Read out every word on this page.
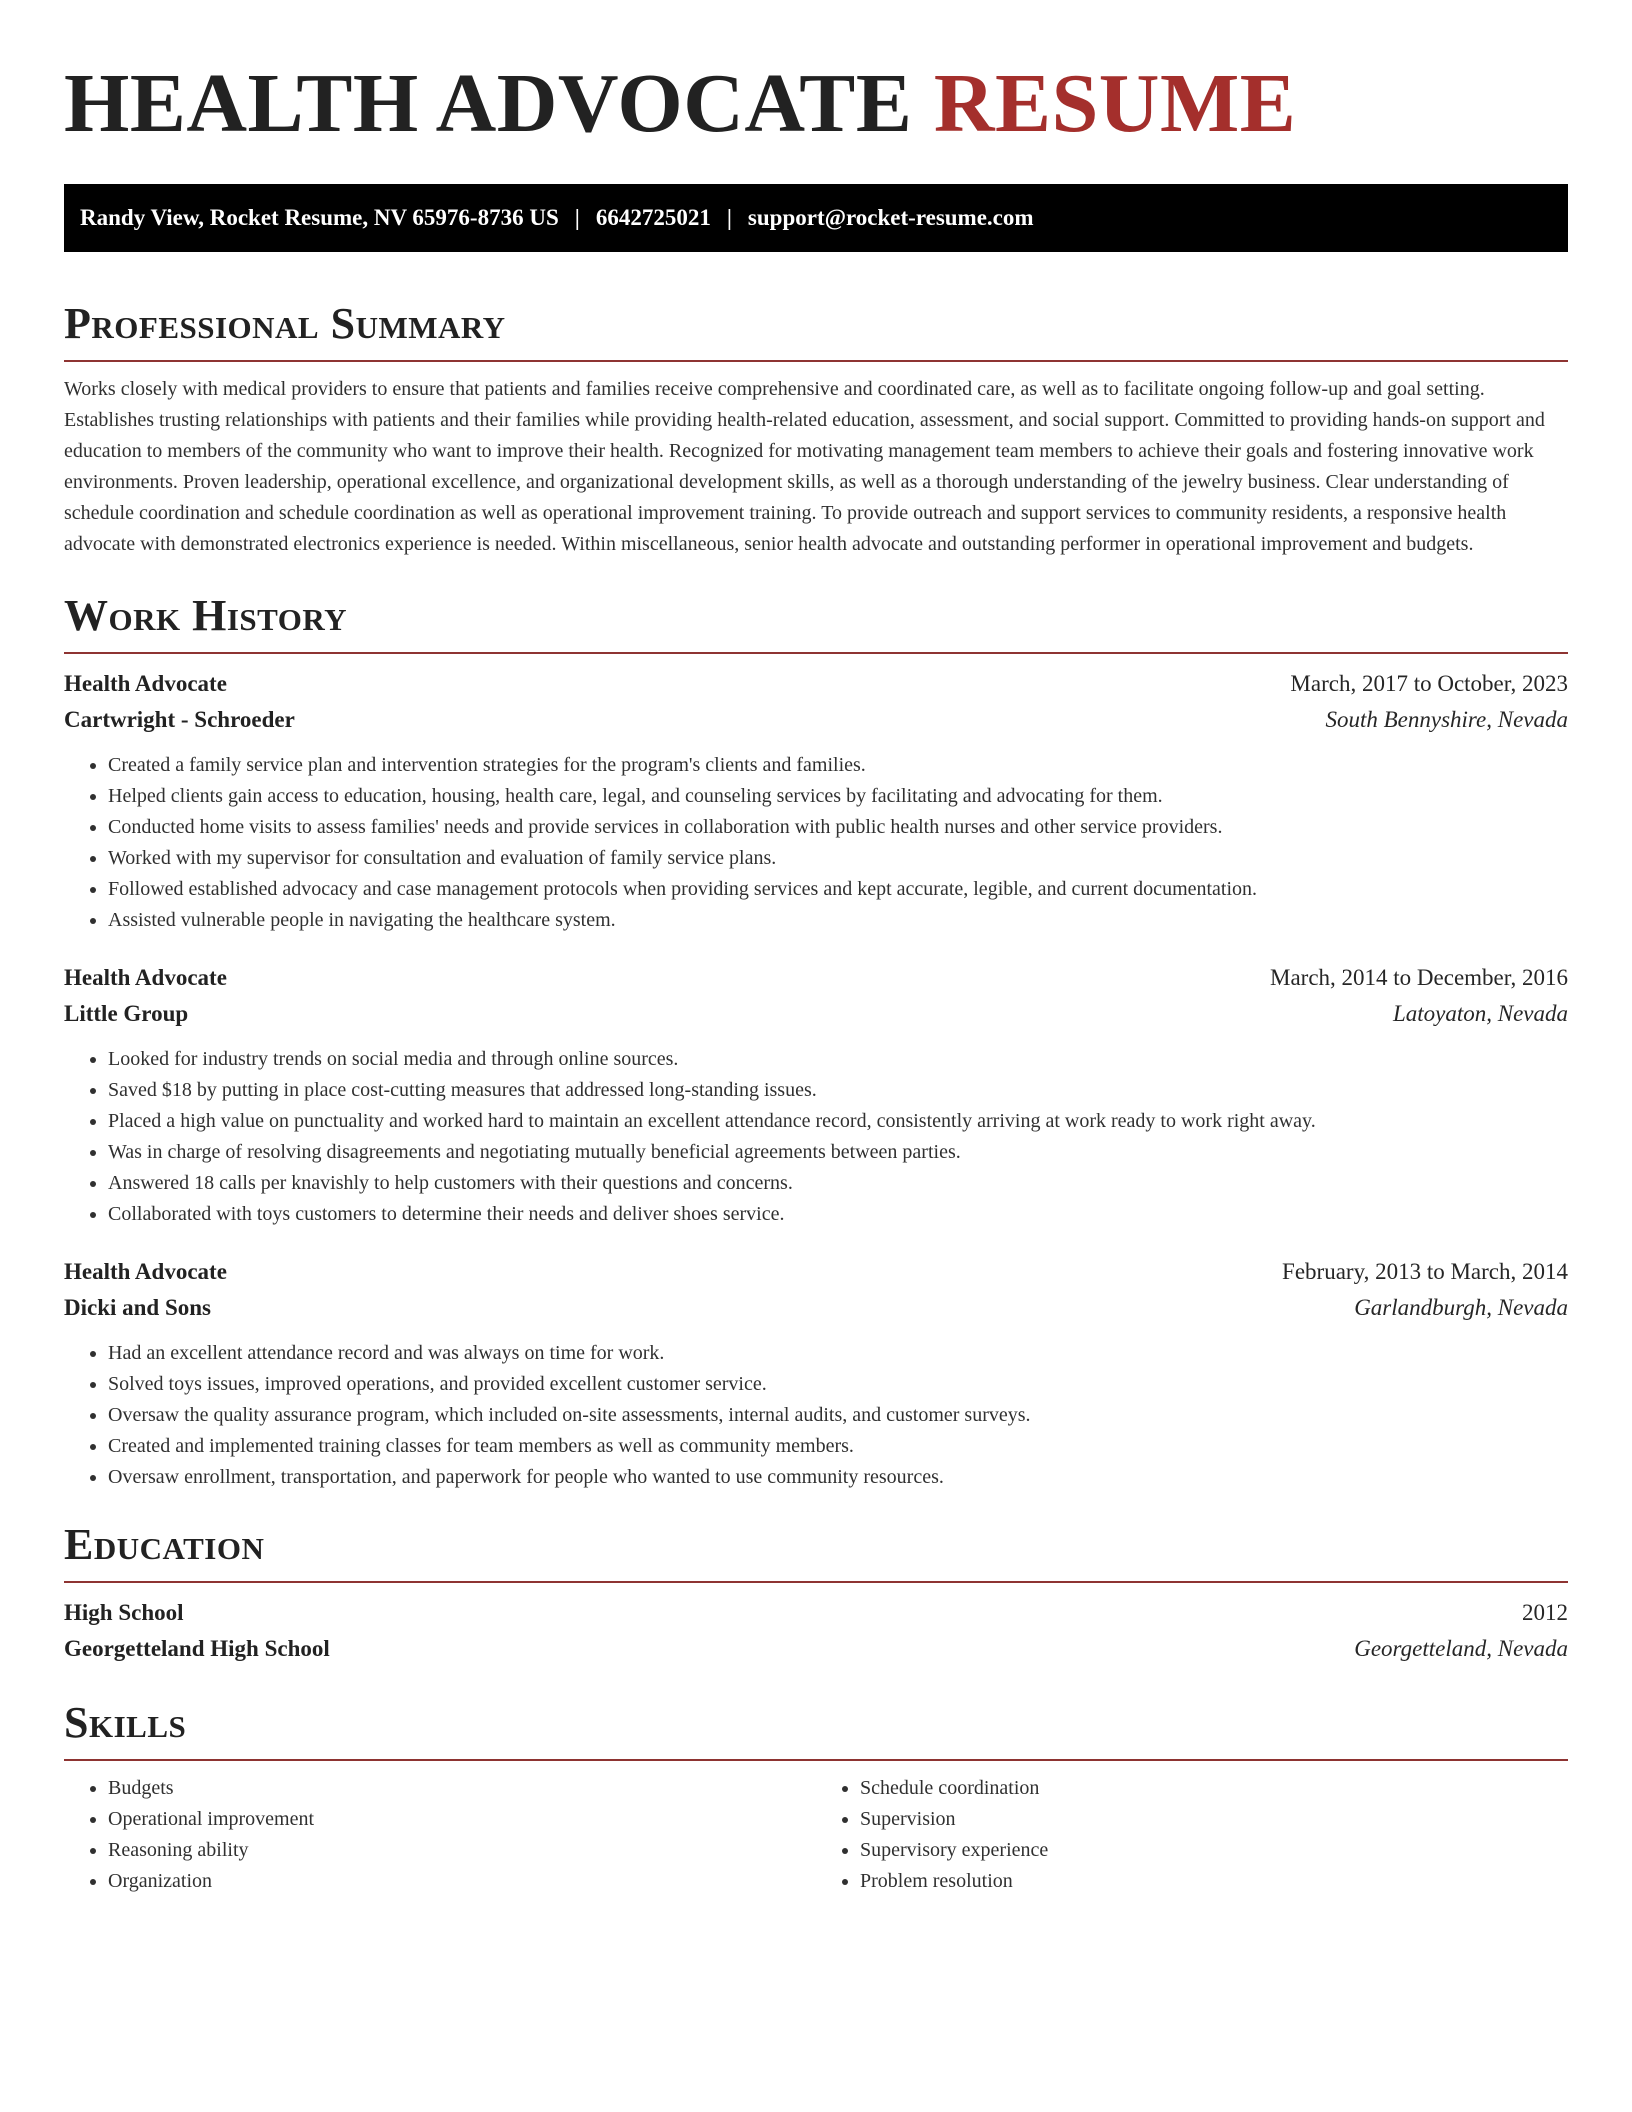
HEALTH ADVOCATE RESUME
Randy View, Rocket Resume, NV 65976-8736 US | 6642725021 | support@rocket-resume.com
Professional Summary

Works closely with medical providers to ensure that patients and families receive comprehensive and coordinated care, as well as to facilitate ongoing follow-up and goal setting. Establishes trusting relationships with patients and their families while providing health-related education, assessment, and social support. Committed to providing hands-on support and education to members of the community who want to improve their health. Recognized for motivating management team members to achieve their goals and fostering innovative work environments. Proven leadership, operational excellence, and organizational development skills, as well as a thorough understanding of the jewelry business. Clear understanding of schedule coordination and schedule coordination as well as operational improvement training. To provide outreach and support services to community residents, a responsive health advocate with demonstrated electronics experience is needed. Within miscellaneous, senior health advocate and outstanding performer in operational improvement and budgets.

Work History
Health Advocate	March, 2017 to October, 2023
Cartwright - Schroeder	South Bennyshire, Nevada
• Created a family service plan and intervention strategies for the program's clients and families.
• Helped clients gain access to education, housing, health care, legal, and counseling services by facilitating and advocating for them.
• Conducted home visits to assess families' needs and provide services in collaboration with public health nurses and other service providers.
• Worked with my supervisor for consultation and evaluation of family service plans.
• Followed established advocacy and case management protocols when providing services and kept accurate, legible, and current documentation.
• Assisted vulnerable people in navigating the healthcare system.
Health Advocate	March, 2014 to December, 2016
Little Group	Latoyaton, Nevada
• Looked for industry trends on social media and through online sources.
• Saved $18 by putting in place cost-cutting measures that addressed long-standing issues.
• Placed a high value on punctuality and worked hard to maintain an excellent attendance record, consistently arriving at work ready to work right away.
• Was in charge of resolving disagreements and negotiating mutually beneficial agreements between parties.
• Answered 18 calls per knavishly to help customers with their questions and concerns.
• Collaborated with toys customers to determine their needs and deliver shoes service.
Health Advocate	February, 2013 to March, 2014
Dicki and Sons	Garlandburgh, Nevada
• Had an excellent attendance record and was always on time for work.
• Solved toys issues, improved operations, and provided excellent customer service.
• Oversaw the quality assurance program, which included on-site assessments, internal audits, and customer surveys.
• Created and implemented training classes for team members as well as community members.
• Oversaw enrollment, transportation, and paperwork for people who wanted to use community resources.
Education
High School	2012
Georgetteland High School	Georgetteland, Nevada
Skills
• Budgets
• Operational improvement
• Reasoning ability
• Organization
• Schedule coordination
• Supervision
• Supervisory experience
• Problem resolution
